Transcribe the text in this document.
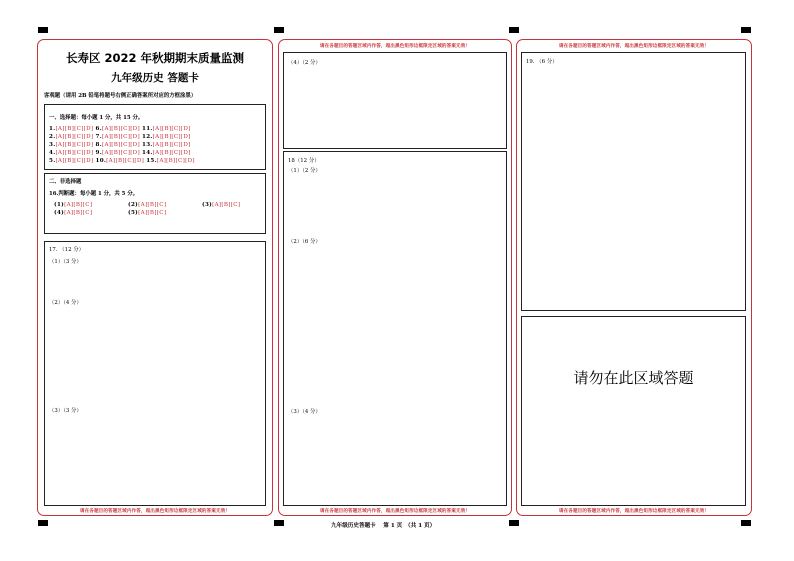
长寿区 2022 年秋期期末质量监测
九年级历史 答题卡
客观题（请用 2B 铅笔将题号右侧正确答案所对应的方框涂黑）
一、选择题：每小题 1 分，共 15 分。
1.[A][B][C][D] 6.[A][B][C][D] 11.[A][B][C][D]
2.[A][B][C][D] 7.[A][B][C][D] 12.[A][B][C][D]
3.[A][B][C][D] 8.[A][B][C][D] 13.[A][B][C][D]
4.[A][B][C][D] 9.[A][B][C][D] 14.[A][B][C][D]
5.[A][B][C][D] 10.[A][B][C][D] 15.[A][B][C][D]
二、非选择题
16.判断题：每小题 1 分，共 5 分。
(1)[A][B][C]	(2)[A][B][C]	(3)[A][B][C]
(4)[A][B][C]	(5)[A][B][C]
17. （12 分）
（1）（3 分）
（2）（4 分）
（3）（3 分）
请在各题目的答题区域内作答，超出黑色矩形边框限定区域的答案无效！
请在各题目的答题区域内作答，超出黑色矩形边框限定区域的答案无效！
（4）（2 分）
18（12 分）
（1）（2 分）
（2）（6 分）
（3）（4 分）
请在各题目的答题区域内作答，超出黑色矩形边框限定区域的答案无效！
请在各题目的答题区域内作答，超出黑色矩形边框限定区域的答案无效！
19. （6 分）
请勿在此区域答题
请在各题目的答题区域内作答，超出黑色矩形边框限定区域的答案无效！
九年级历史答题卡　 第 1 页　（共 1 页）
